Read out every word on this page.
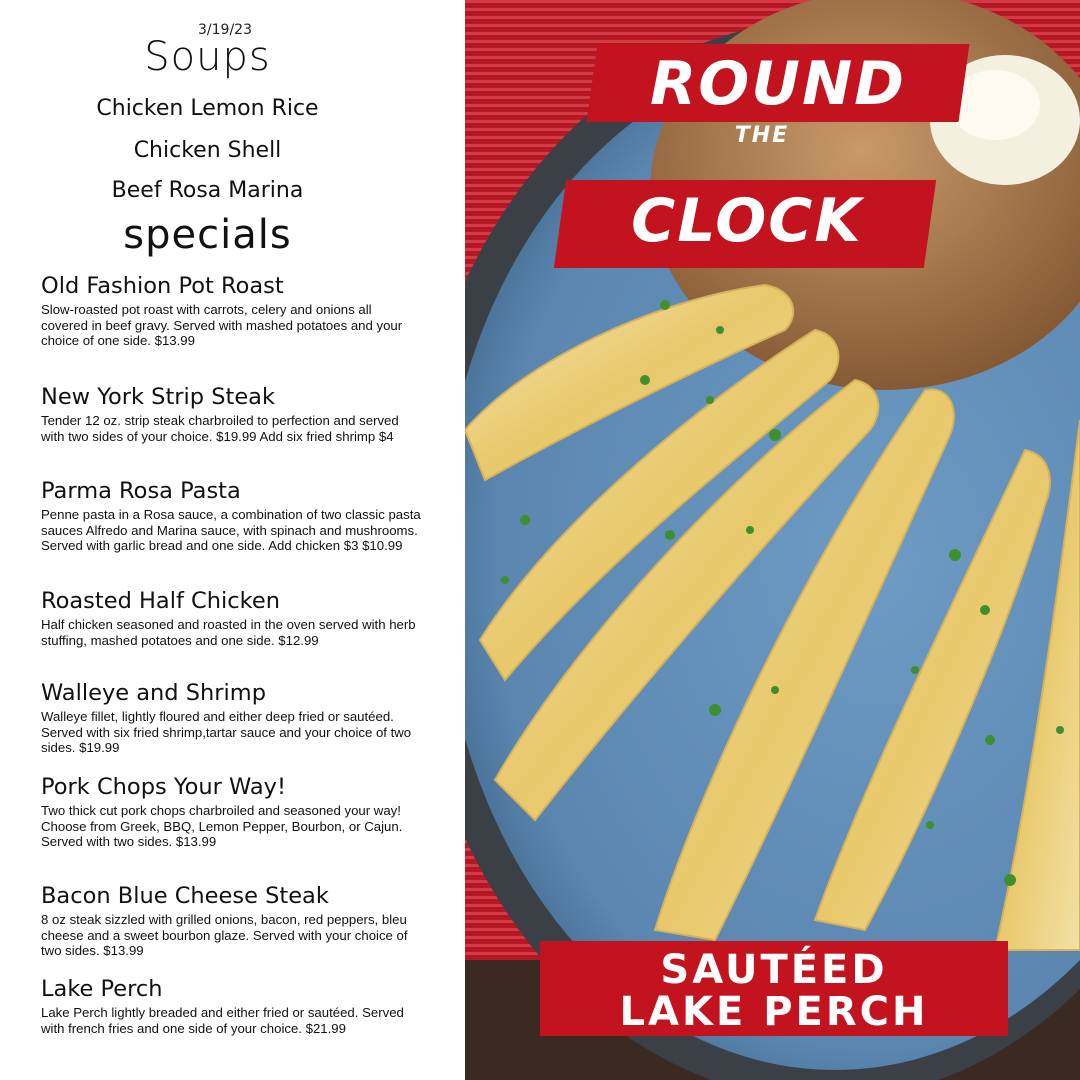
3/19/23
Soups
Chicken Lemon Rice
Chicken Shell
Beef Rosa Marina
specials
Old Fashion Pot Roast
Slow-roasted pot roast with carrots, celery and onions all covered in beef gravy. Served with mashed potatoes and your choice of one side. $13.99
New York Strip Steak
Tender 12 oz. strip steak charbroiled to perfection and served with two sides of your choice. $19.99 Add six fried shrimp $4
Parma Rosa Pasta
Penne pasta in a Rosa sauce, a combination of two classic pasta sauces Alfredo and Marina sauce, with spinach and mushrooms. Served with garlic bread and one side. Add chicken $3 $10.99
Roasted Half Chicken
Half chicken seasoned and roasted in the oven served with herb stuffing, mashed potatoes and one side. $12.99
Walleye and Shrimp
Walleye fillet, lightly floured and either deep fried or sautéed. Served with six fried shrimp,tartar sauce and your choice of two sides. $19.99
Pork Chops Your Way!
Two thick cut pork chops charbroiled and seasoned your way! Choose from Greek, BBQ, Lemon Pepper, Bourbon, or Cajun. Served with two sides. $13.99
Bacon Blue Cheese Steak
8 oz steak sizzled with grilled onions, bacon, red peppers, bleu cheese and a sweet bourbon glaze. Served with your choice of two sides. $13.99
Lake Perch
Lake Perch lightly breaded and either fried or sautéed. Served with french fries and one side of your choice. $21.99
ROUND
THE
CLOCK
SAUTÉED
LAKE PERCH
